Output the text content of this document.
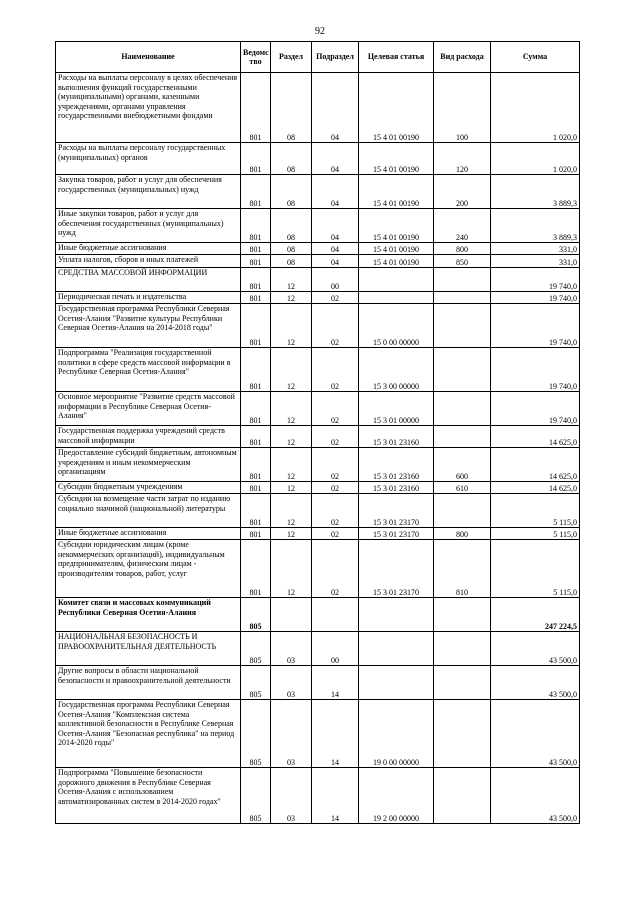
92
Наименование	Ведомс тво	Раздел	Подраздел	Целевая статья	Вид расхода	Сумма
Расходы на выплаты персоналу в целях обеспечения выполнения функций государственными (муниципальными) органами, казенными учреждениями, органами управления государственными внебюджетными фондами	801	08	04	15 4 01 00190	100	1 020,0
Расходы на выплаты персоналу государственных (муниципальных) органов	801	08	04	15 4 01 00190	120	1 020,0
Закупка товаров, работ и услуг для обеспечения государственных (муниципальных) нужд	801	08	04	15 4 01 00190	200	3 889,3
Иные закупки товаров, работ и услуг для обеспечения государственных (муниципальных) нужд	801	08	04	15 4 01 00190	240	3 889,3
Иные бюджетные ассигнования	801	08	04	15 4 01 00190	800	331,0
Уплата налогов, сборов и иных платежей	801	08	04	15 4 01 00190	850	331,0
СРЕДСТВА МАССОВОЙ ИНФОРМАЦИИ	801	12	00			19 740,0
Периодическая печать и издательства	801	12	02			19 740,0
Государственная программа Республики Северная Осетия-Алания "Развитие культуры Республики Северная Осетия-Алания на 2014-2018 годы"	801	12	02	15 0 00 00000		19 740,0
Подпрограмма "Реализация государственной политики в сфере средств массовой информации в Республике Северная Осетия-Алания"	801	12	02	15 3 00 00000		19 740,0
Основное мероприятие "Развитие средств массовой информации в Республике Северная Осетия-Алания"	801	12	02	15 3 01 00000		19 740,0
Государственная поддержка учреждений средств массовой информации	801	12	02	15 3 01 23160		14 625,0
Предоставление субсидий бюджетным, автономным учреждениям и иным некоммерческим организациям	801	12	02	15 3 01 23160	600	14 625,0
Субсидии бюджетным учреждениям	801	12	02	15 3 01 23160	610	14 625,0
Субсидии на возмещение части затрат по изданию социально значимой (национальной) литературы	801	12	02	15 3 01 23170		5 115,0
Иные бюджетные ассигнования	801	12	02	15 3 01 23170	800	5 115,0
Субсидии юридическим лицам (кроме некоммерческих организаций), индивидуальным предпринимателям, физическим лицам - производителям товаров, работ, услуг	801	12	02	15 3 01 23170	810	5 115,0
Комитет связи и массовых коммуникаций Республики Северная Осетия-Алания	805					247 224,5
НАЦИОНАЛЬНАЯ БЕЗОПАСНОСТЬ И ПРАВООХРАНИТЕЛЬНАЯ ДЕЯТЕЛЬНОСТЬ	805	03	00			43 500,0
Другие вопросы в области национальной безопасности и правоохранительной деятельности	805	03	14			43 500,0
Государственная программа Республики Северная Осетия-Алания "Комплексная система коллективной безопасности в Республике Северная Осетия-Алания "Безопасная республика" на период 2014-2020 годы"	805	03	14	19 0 00 00000		43 500,0
Подпрограмма "Повышение безопасности дорожного движения в Республике Северная Осетия-Алания с использованием автоматизированных систем в 2014-2020 годах"	805	03	14	19 2 00 00000		43 500,0
